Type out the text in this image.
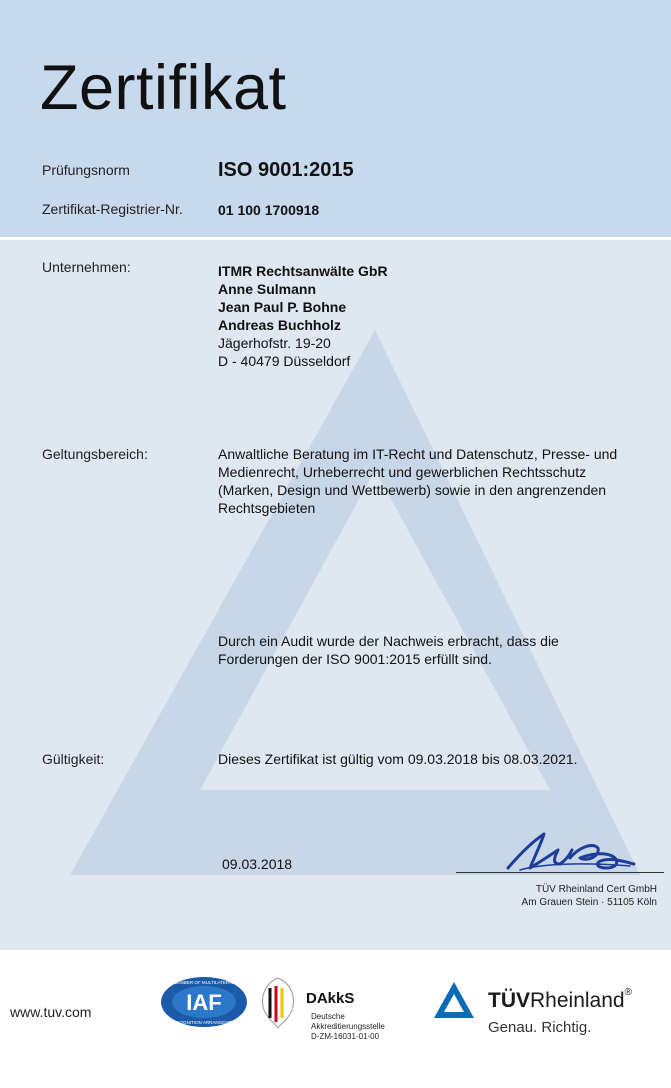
Zertifikat
Prüfungsnorm	ISO 9001:2015
Zertifikat-Registrier-Nr.	01 100 1700918
Unternehmen:	ITMR Rechtsanwälte GbR
Anne Sulmann
Jean Paul P. Bohne
Andreas Buchholz
Jägerhofstr. 19-20
D - 40479 Düsseldorf
Geltungsbereich:	Anwaltliche Beratung im IT-Recht und Datenschutz, Presse- und
Medienrecht, Urheberrecht und gewerblichen Rechtsschutz
(Marken, Design und Wettbewerb) sowie in den angrenzenden
Rechtsgebieten
Durch ein Audit wurde der Nachweis erbracht, dass die
Forderungen der ISO 9001:2015 erfüllt sind.
Gültigkeit:	Dieses Zertifikat ist gültig vom 09.03.2018 bis 08.03.2021.
09.03.2018
TÜV Rheinland Cert GmbH
Am Grauen Stein · 51105 Köln
www.tuv.com	IAF
MEMBER OF MULTILATERAL
RECOGNITION ARRANGEMENT
DAkkS
Deutsche
Akkreditierungsstelle
D-ZM-16031-01-00
TÜVRheinland®
Genau. Richtig.
